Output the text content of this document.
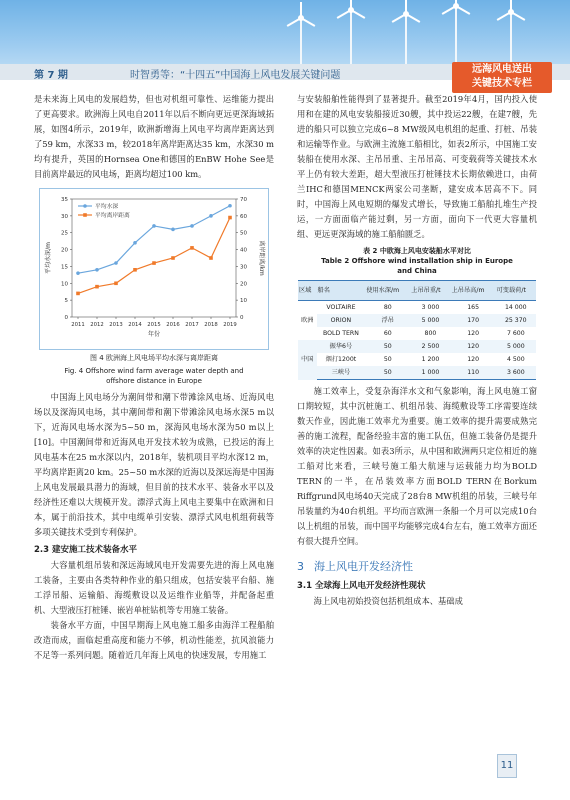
第 7 期	时智勇等：“十四五”中国海上风电发展关键问题
远海风电送出
关键技术专栏

是未来海上风电的发展趋势，但也对机组可靠性、运维能力提出了更高要求。欧洲海上风电自2011年以后不断向更远更深海域拓展，如图4所示，2019年，欧洲新增海上风电平均离岸距离达到了59 km，水深33 m，较2018年离岸距离达35 km，水深30 m均有提升，英国的Hornsea One和德国的EnBW Hohe See是目前离岸最远的风电场，距离均超过100 km。

0
5
10
15
20
25
30
35
0
10
20
30
40
50
60
70
2011 2012 2013 2014 2015 2016 2017 2018 2019
年份
平均水深/m	离岸距离/km
平均水深
平均离岸距离
图 4 欧洲海上风电场平均水深与离岸距离
Fig. 4 Offshore wind farm average water depth and
offshore distance in Europe

中国海上风电场分为潮间带和潮下带滩涂风电场、近海风电场以及深海风电场，其中潮间带和潮下带滩涂风电场水深5 m以下，近海风电场水深为5~50 m，深海风电场水深为50 m以上[10]。中国潮间带和近海风电开发技术较为成熟，已投运的海上风电基本在25 m水深以内，2018年，装机项目平均水深12 m，平均离岸距离20 km。25~50 m水深的近海以及深远海是中国海上风电发展最具潜力的海域，但目前的技术水平、装备水平以及经济性还难以大规模开发。漂浮式海上风电主要集中在欧洲和日本，属于前沿技术，其中电缆单引安装、漂浮式风电机组荷载等多项关键技术受到专利保护。

2.3 建安施工技术装备水平

大容量机组吊装和深远海域风电开发需要先进的海上风电施工装备，主要由各类特种作业的船只组成，包括安装平台船、施工浮吊船、运输船、海缆敷设以及运维作业船等，并配备起重机、大型液压打桩锤、嵌岩单桩钻机等专用施工装备。

装备水平方面，中国早期海上风电施工船多由海洋工程船舶改造而成，面临起重高度和能力不够，机动性能差，抗风浪能力不足等一系列问题。随着近几年海上风电的快速发展，专用施工

与安装船舶性能得到了显著提升。截至2019年4月，国内投入使用和在建的风电安装船接近30艘，其中投运22艘，在建7艘，先进的船只可以独立完成6~8 MW级风电机组的起重、打桩、吊装和运输等作业。与欧洲主流施工船相比，如表2所示，中国施工安装船在使用水深、主吊吊重、主吊吊高、可变载荷等关键技术水平上仍有较大差距，超大型液压打桩锤技术长期依赖进口，由荷兰IHC和德国MENCK两家公司垄断，建安成本居高不下。同时，中国海上风电短期的爆发式增长，导致施工船舶扎堆生产投运，一方面面临产能过剩，另一方面，面向下一代更大容量机组、更远更深海域的施工船舶匮乏。

表 2 中欧海上风电安装船水平对比
Table 2 Offshore wind installation ship in Europe
and China
区域	船名	使用水深/m	上吊吊重/t	上吊吊高/m	可变载荷/t
欧洲	VOLTAIRE	80	3 000	165	14 000
	ORION	浮吊	5 000	170	25 370
	BOLD TERN	60	800	120	7 600
中国	振华6号	50	2 500	120	5 000
	烟打1200t	50	1 200	120	4 500
	三峡号	50	1 000	110	3 600

施工效率上，受复杂海洋水文和气象影响，海上风电施工窗口期较短，其中沉桩施工、机组吊装、海缆敷设等工序需要连续数天作业，因此施工效率尤为重要。施工效率的提升需要成熟完善的施工流程，配备经验丰富的施工队伍，但施工装备仍是提升效率的决定性因素。如表3所示，从中国和欧洲两只定位相近的施工船对比来看，三峡号施工船大航速与运载能力均为BOLD TERN的一半，在吊装效率方面BOLD TERN在Borkum Riffgrund风电场40天完成了28台8 MW机组的吊装，三峡号年吊装量约为40台机组。平均而言欧洲一条船一个月可以完成10台以上机组的吊装，而中国平均能够完成4台左右，施工效率方面还有很大提升空间。

3 海上风电开发经济性

3.1 全球海上风电开发经济性现状

海上风电初始投资包括机组成本、基础成

11
